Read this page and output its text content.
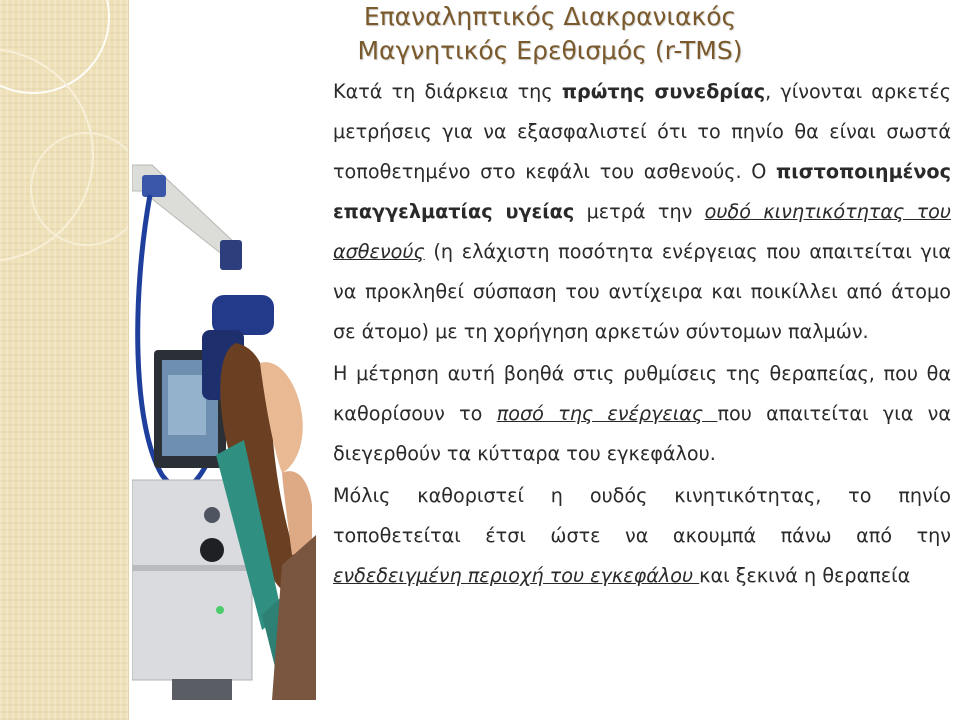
Επαναληπτικός Διακρανιακός
Μαγνητικός Ερεθισμός (r-TMS)
Κατά τη διάρκεια της πρώτης συνεδρίας, γίνονται αρκετές μετρήσεις για να εξασφαλιστεί ότι το πηνίο θα είναι σωστά τοποθετημένο στο κεφάλι του ασθενούς. Ο πιστοποιημένος επαγγελματίας υγείας μετρά την ουδό κινητικότητας του ασθενούς (η ελάχιστη ποσότητα ενέργειας που απαιτείται για να προκληθεί σύσπαση του αντίχειρα και ποικίλλει από άτομο σε άτομο) με τη χορήγηση αρκετών σύντομων παλμών.
Η μέτρηση αυτή βοηθά στις ρυθμίσεις της θεραπείας, που θα καθορίσουν το ποσό της ενέργειας που απαιτείται για να διεγερθούν τα κύτταρα του εγκεφάλου.
Μόλις καθοριστεί η ουδός κινητικότητας, το πηνίο τοποθετείται έτσι ώστε να ακουμπά πάνω από την ενδεδειγμένη περιοχή του εγκεφάλου και ξεκινά η θεραπεία
